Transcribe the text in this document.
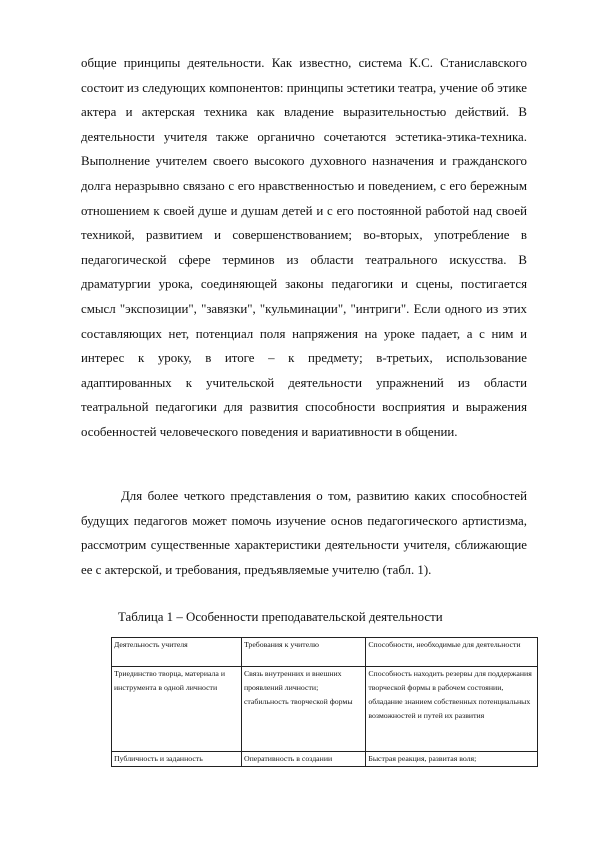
общие принципы деятельности. Как известно, система К.С. Станиславского состоит из следующих компонентов: принципы эстетики театра, учение об этике актера и актерская техника как владение выразительностью действий. В деятельности учителя также органично сочетаются эстетика-этика-техника. Выполнение учителем своего высокого духовного назначения и гражданского долга неразрывно связано с его нравственностью и поведением, с его бережным отношением к своей душе и душам детей и с его постоянной работой над своей техникой, развитием и совершенствованием; во-вторых, употребление в педагогической сфере терминов из области театрального искусства. В драматургии урока, соединяющей законы педагогики и сцены, постигается смысл "экспозиции", "завязки", "кульминации", "интриги". Если одного из этих составляющих нет, потенциал поля напряжения на уроке падает, а с ним и интерес к уроку, в итоге – к предмету; в-третьих, использование адаптированных к учительской деятельности упражнений из области театральной педагогики для развития способности восприятия и выражения особенностей человеческого поведения и вариативности в общении.

Для более четкого представления о том, развитию каких способностей будущих педагогов может помочь изучение основ педагогического артистизма, рассмотрим существенные характеристики деятельности учителя, сближающие ее с актерской, и требования, предъявляемые учителю (табл. 1).

Таблица 1 – Особенности преподавательской деятельности

Деятельность учителя	Требования к учителю	Способности, необходимые для деятельности
Триединство творца, материала и инструмента в одной личности	Связь внутренних и внешних проявлений личности; стабильность творческой формы	Способность находить резервы для поддержания творческой формы в рабочем состоянии, обладание знанием собственных потенциальных возможностей и путей их развития
Публичность и заданность	Оперативность в создании	Быстрая реакция, развитая воля;
